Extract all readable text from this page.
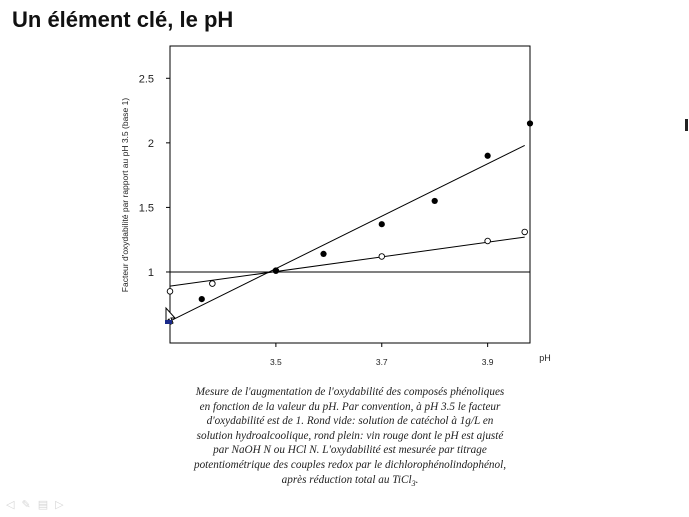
Un élément clé, le pH
3.5	3.7	3.9
1
1.5
2
2.5
Facteur d'oxydabilité par rapport au pH 3.5 (base 1)
pH
Mesure de l'augmentation de l'oxydabilité des composés phénoliques
en fonction de la valeur du pH. Par convention, à pH 3.5 le facteur
d'oxydabilité est de 1. Rond vide: solution de catéchol à 1g/L en
solution hydroalcoolique, rond plein: vin rouge dont le pH est ajusté
par NaOH N ou HCl N. L'oxydabilité est mesurée par titrage
potentiométrique des couples redox par le dichlorophénolindophénol,
après réduction total au TiCl$_3$.
◁ ✎ ▤ ▷
